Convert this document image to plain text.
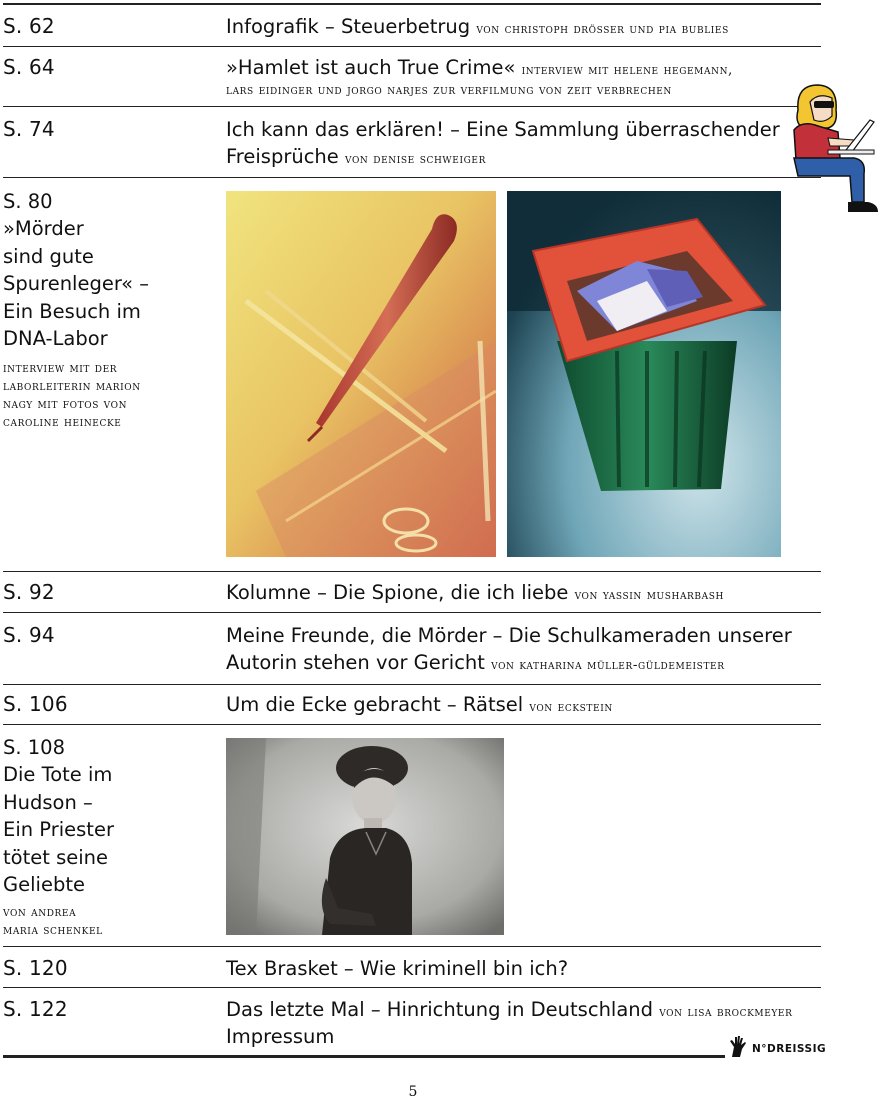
S. 62	Infografik – Steuerbetrug von christoph drösser und pia bublies
S. 64	»Hamlet ist auch True Crime« interview mit helene hegemann,
lars eidinger und jorgo narjes zur verfilmung von zeit verbrechen
S. 74	Ich kann das erklären! – Eine Sammlung überraschender
Freisprüche von denise schweiger
S. 80
»Mörder
sind gute
Spurenleger« –
Ein Besuch im
DNA-Labor
interview mit der
laborleiterin marion
nagy mit fotos von
caroline heinecke
S. 92	Kolumne – Die Spione, die ich liebe von yassin musharbash
S. 94	Meine Freunde, die Mörder – Die Schulkameraden unserer
Autorin stehen vor Gericht von katharina müller-güldemeister
S. 106	Um die Ecke gebracht – Rätsel von eckstein
S. 108
Die Tote im
Hudson –
Ein Priester
tötet seine
Geliebte
von andrea
maria schenkel
S. 120	Tex Brasket – Wie kriminell bin ich?
S. 122	Das letzte Mal – Hinrichtung in Deutschland von lisa brockmeyer
Impressum
N°DREISSIG
5
